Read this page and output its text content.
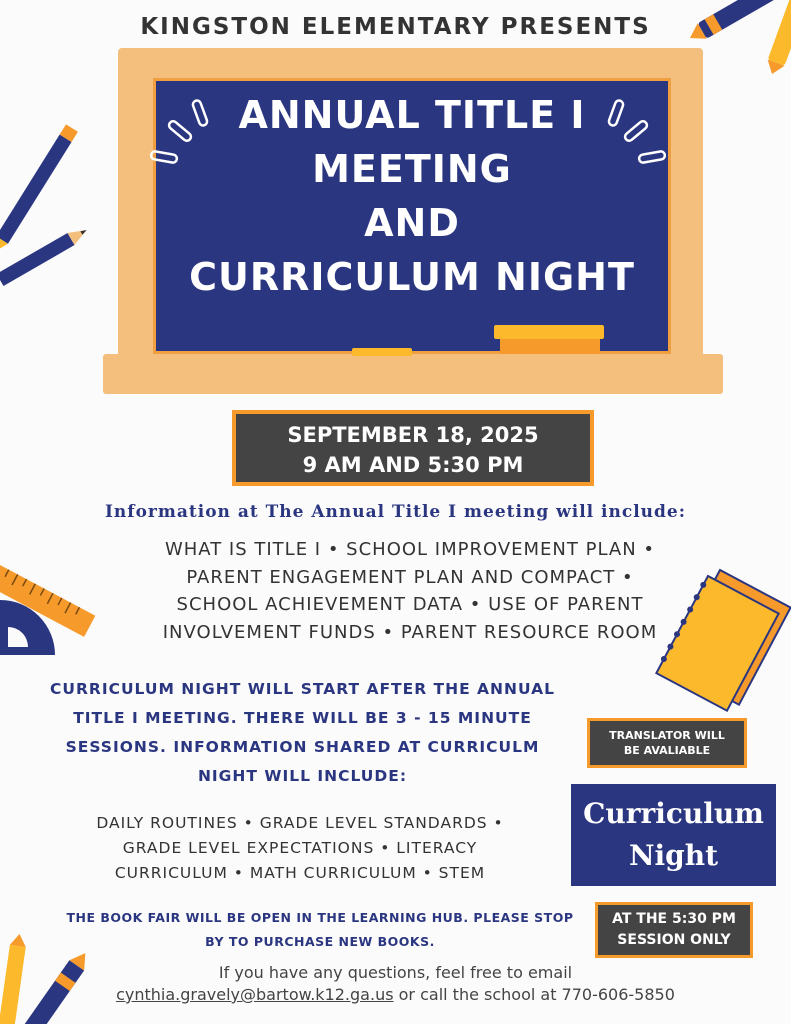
KINGSTON ELEMENTARY PRESENTS
ANNUAL TITLE I
MEETING
AND
CURRICULUM NIGHT
SEPTEMBER 18, 2025
9 AM AND 5:30 PM
Information at The Annual Title I meeting will include:
WHAT IS TITLE I • SCHOOL IMPROVEMENT PLAN •
PARENT ENGAGEMENT PLAN AND COMPACT •
SCHOOL ACHIEVEMENT DATA • USE OF PARENT
INVOLVEMENT FUNDS • PARENT RESOURCE ROOM
CURRICULUM NIGHT WILL START AFTER THE ANNUAL
TITLE I MEETING. THERE WILL BE 3 - 15 MINUTE
SESSIONS. INFORMATION SHARED AT CURRICULM
NIGHT WILL INCLUDE:
DAILY ROUTINES • GRADE LEVEL STANDARDS •
GRADE LEVEL EXPECTATIONS • LITERACY
CURRICULUM • MATH CURRICULUM • STEM
THE BOOK FAIR WILL BE OPEN IN THE LEARNING HUB. PLEASE STOP
BY TO PURCHASE NEW BOOKS.
TRANSLATOR WILL
BE AVALIABLE
Curriculum
Night
AT THE 5:30 PM
SESSION ONLY
If you have any questions, feel free to email
cynthia.gravely@bartow.k12.ga.us or call the school at 770-606-5850
